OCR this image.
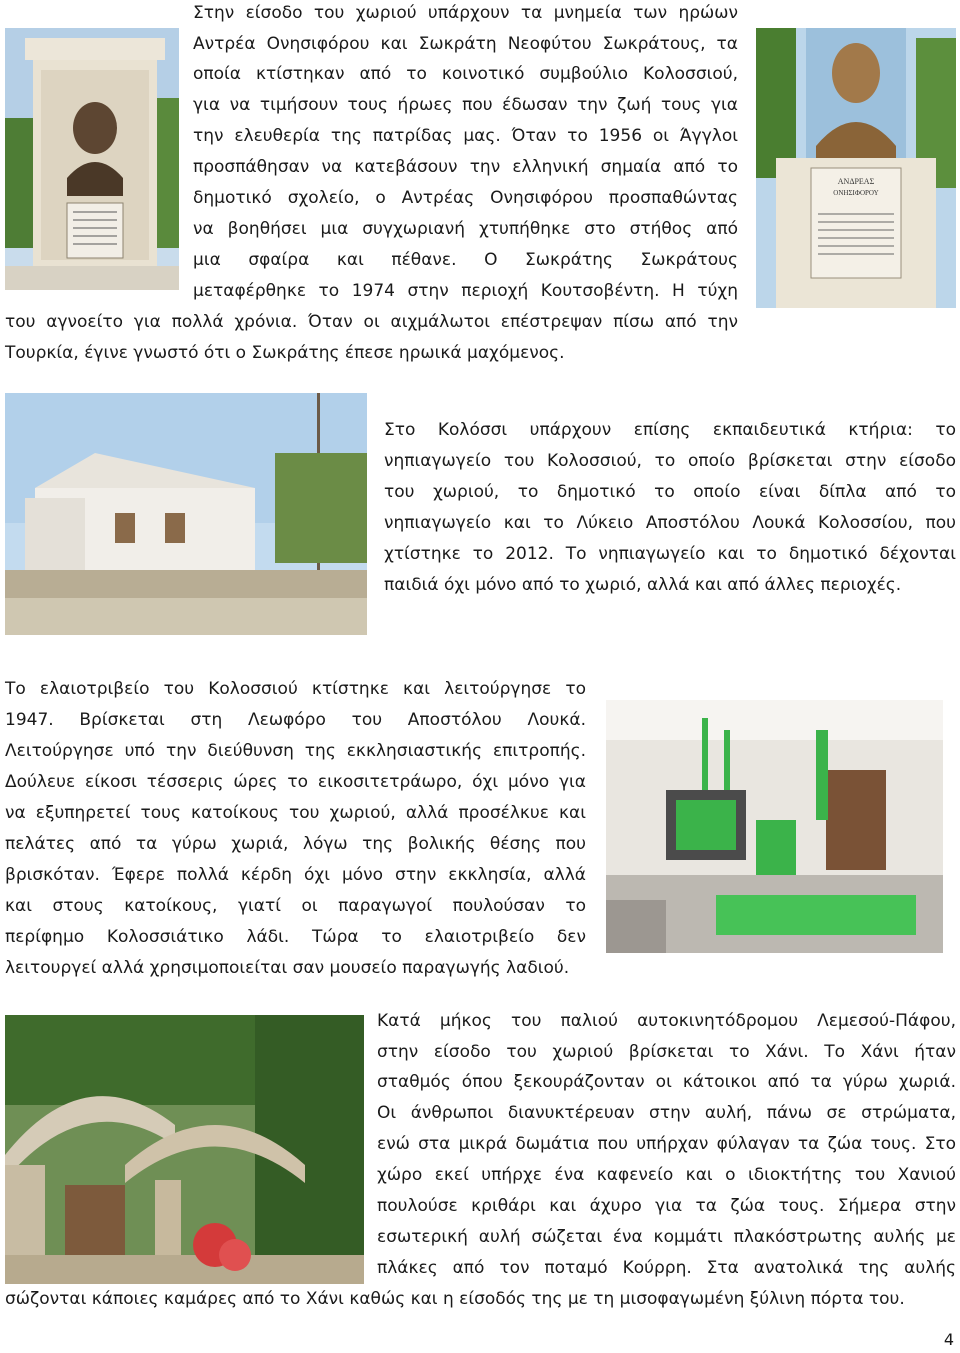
ΑΝΔΡΕΑΣ
ΟΝΗΣΙΦΟΡΟΥ
Στην είσοδο του χωριού υπάρχουν τα μνημεία των ηρώων
Αντρέα Ονησιφόρου και Σωκράτη Νεοφύτου Σωκράτους, τα
οποία κτίστηκαν από το κοινοτικό συμβούλιο Κολοσσιού,
για να τιμήσουν τους ήρωες που έδωσαν την ζωή τους για
την ελευθερία της πατρίδας μας. Όταν το 1956 οι Άγγλοι
προσπάθησαν να κατεβάσουν την ελληνική σημαία από το
δημοτικό σχολείο, ο Αντρέας Ονησιφόρου προσπαθώντας
να βοηθήσει μια συγχωριανή χτυπήθηκε στο στήθος από
μια σφαίρα και πέθανε. Ο Σωκράτης Σωκράτους
μεταφέρθηκε το 1974 στην περιοχή Κουτσοβέντη. Η τύχη
του αγνοείτο για πολλά χρόνια. Όταν οι αιχμάλωτοι επέστρεψαν πίσω από την
Τουρκία, έγινε γνωστό ότι ο Σωκράτης έπεσε ηρωικά μαχόμενος.
Στο Κολόσσι υπάρχουν επίσης εκπαιδευτικά κτήρια: το
νηπιαγωγείο του Κολοσσιού, το οποίο βρίσκεται στην είσοδο
του χωριού, το δημοτικό το οποίο είναι δίπλα από το
νηπιαγωγείο και το Λύκειο Αποστόλου Λουκά Κολοσσίου, που
χτίστηκε το 2012. Το νηπιαγωγείο και το δημοτικό δέχονται
παιδιά όχι μόνο από το χωριό, αλλά και από άλλες περιοχές.
Το ελαιοτριβείο του Κολοσσιού κτίστηκε και λειτούργησε το
1947. Βρίσκεται στη Λεωφόρο του Αποστόλου Λουκά.
Λειτούργησε υπό την διεύθυνση της εκκλησιαστικής επιτροπής.
Δούλευε είκοσι τέσσερις ώρες το εικοσιτετράωρο, όχι μόνο για
να εξυπηρετεί τους κατοίκους του χωριού, αλλά προσέλκυε και
πελάτες από τα γύρω χωριά, λόγω της βολικής θέσης που
βρισκόταν. Έφερε πολλά κέρδη όχι μόνο στην εκκλησία, αλλά
και στους κατοίκους, γιατί οι παραγωγοί πουλούσαν το
περίφημο Κολοσσιάτικο λάδι. Τώρα το ελαιοτριβείο δεν
λειτουργεί αλλά χρησιμοποιείται σαν μουσείο παραγωγής λαδιού.
Κατά μήκος του παλιού αυτοκινητόδρομου Λεμεσού-Πάφου,
στην είσοδο του χωριού βρίσκεται το Χάνι. Το Χάνι ήταν
σταθμός όπου ξεκουράζονταν οι κάτοικοι από τα γύρω χωριά.
Οι άνθρωποι διανυκτέρευαν στην αυλή, πάνω σε στρώματα,
ενώ στα μικρά δωμάτια που υπήρχαν φύλαγαν τα ζώα τους. Στο
χώρο εκεί υπήρχε ένα καφενείο και ο ιδιοκτήτης του Χανιού
πουλούσε κριθάρι και άχυρο για τα ζώα τους. Σήμερα στην
εσωτερική αυλή σώζεται ένα κομμάτι πλακόστρωτης αυλής με
πλάκες από τον ποταμό Κούρρη. Στα ανατολικά της αυλής
σώζονται κάποιες καμάρες από το Χάνι καθώς και η είσοδός της με τη μισοφαγωμένη ξύλινη πόρτα του.
4
